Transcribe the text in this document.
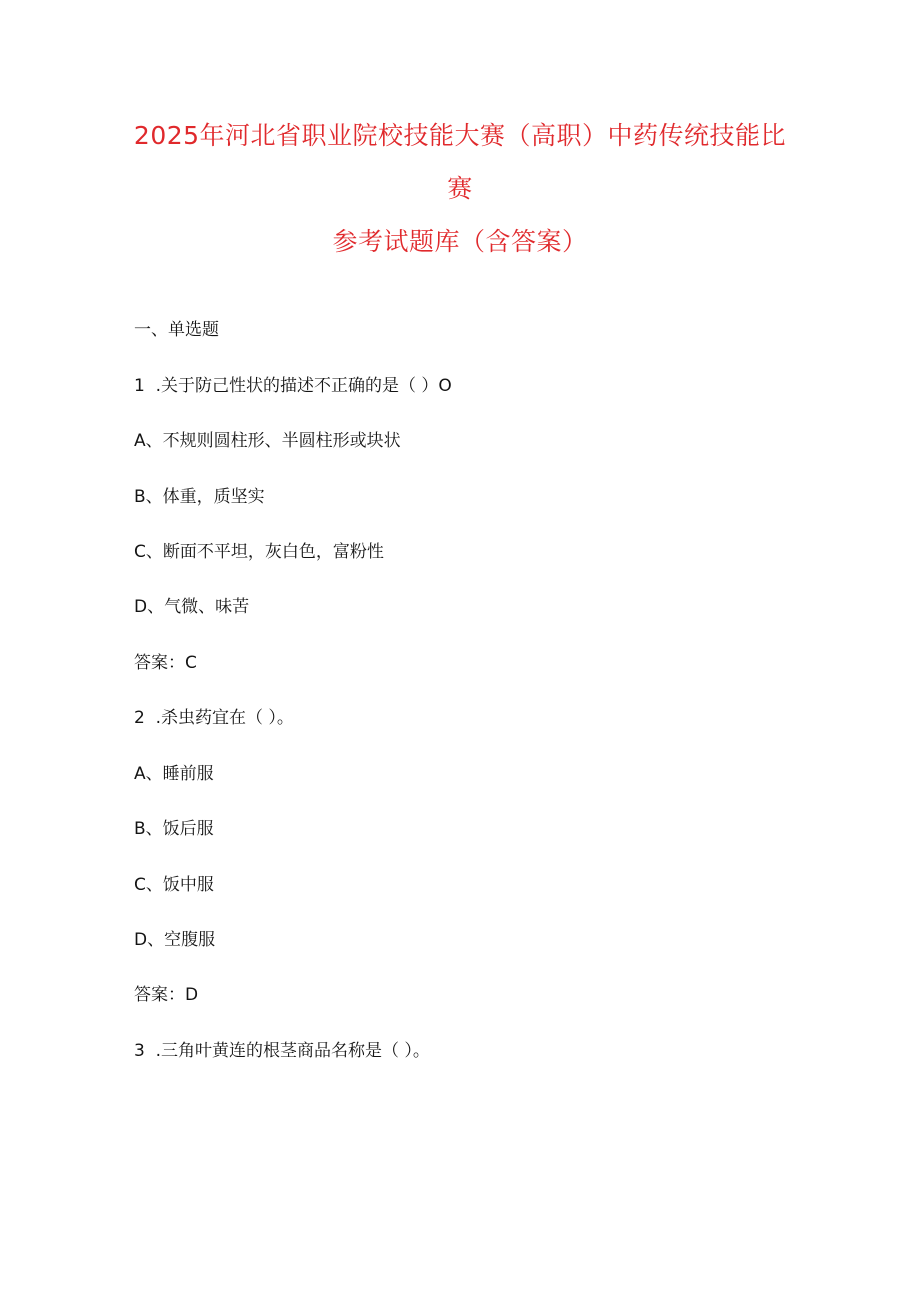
2025年河北省职业院校技能大赛（高职）中药传统技能比
赛
参考试题库（含答案）
一、单选题
1  .关于防己性状的描述不正确的是（ ）O
A、不规则圆柱形、半圆柱形或块状
B、体重，质坚实
C、断面不平坦，灰白色，富粉性
D、气微、味苦
答案：C
2  .杀虫药宜在（ ）。
A、睡前服
B、饭后服
C、饭中服
D、空腹服
答案：D
3  .三角叶黄连的根茎商品名称是（ ）。
